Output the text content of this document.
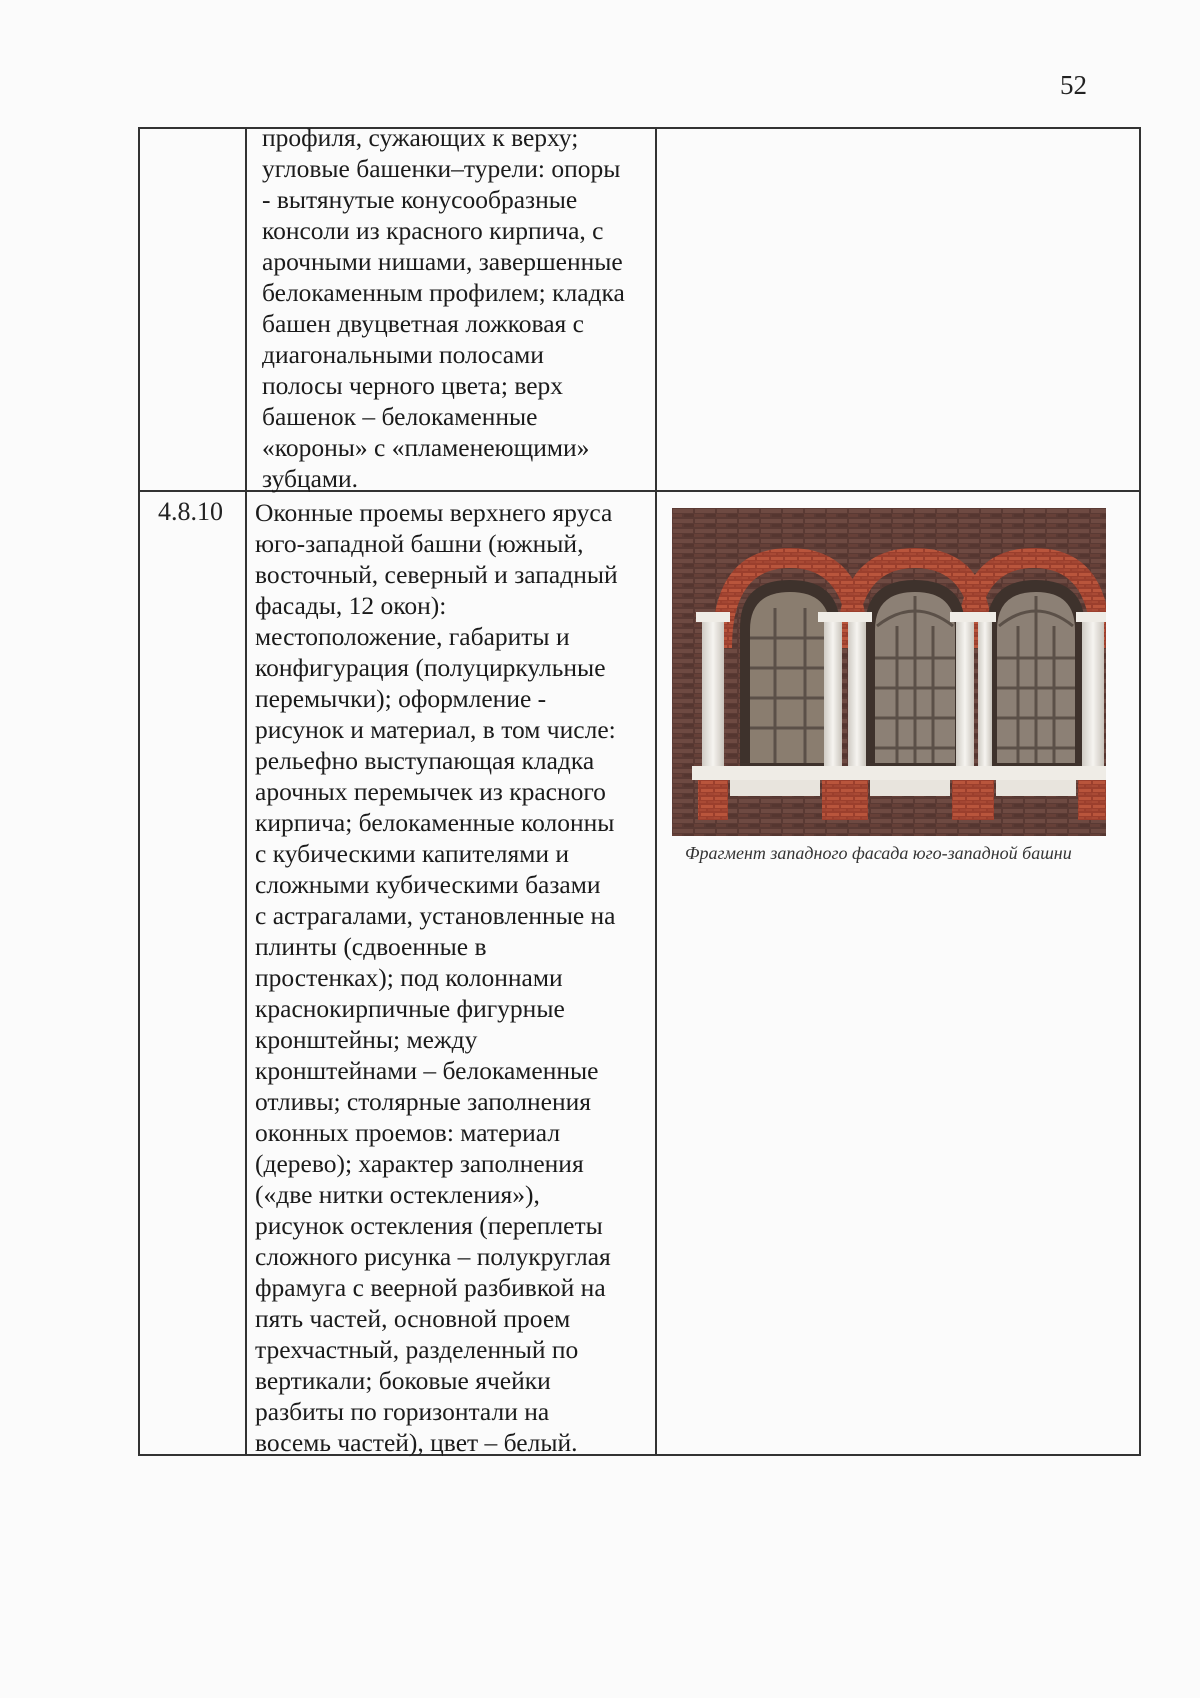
52
профиля, сужающих к верху;
угловые башенки–турели: опоры
- вытянутые конусообразные
консоли из красного кирпича, с
арочными нишами, завершенные
белокаменным профилем; кладка
башен двуцветная ложковая с
диагональными полосами
полосы черного цвета; верх
башенок – белокаменные
«короны» с «пламенеющими»
зубцами.
4.8.10 Оконные проемы верхнего яруса
юго-западной башни (южный,
восточный, северный и западный
фасады, 12 окон):
местоположение, габариты и
конфигурация (полуциркульные
перемычки); оформление -
рисунок и материал, в том числе:
рельефно выступающая кладка
арочных перемычек из красного
кирпича; белокаменные колонны
с кубическими капителями и
сложными кубическими базами
с астрагалами, установленные на
плинты (сдвоенные в
простенках); под колоннами
краснокирпичные фигурные
кронштейны; между
кронштейнами – белокаменные
отливы; столярные заполнения
оконных проемов: материал
(дерево); характер заполнения
(«две нитки остекления»),
рисунок остекления (переплеты
сложного рисунка – полукруглая
фрамуга с веерной разбивкой на
пять частей, основной проем
трехчастный, разделенный по
вертикали; боковые ячейки
разбиты по горизонтали на
восемь частей), цвет – белый.
Фрагмент западного фасада юго-западной башни
